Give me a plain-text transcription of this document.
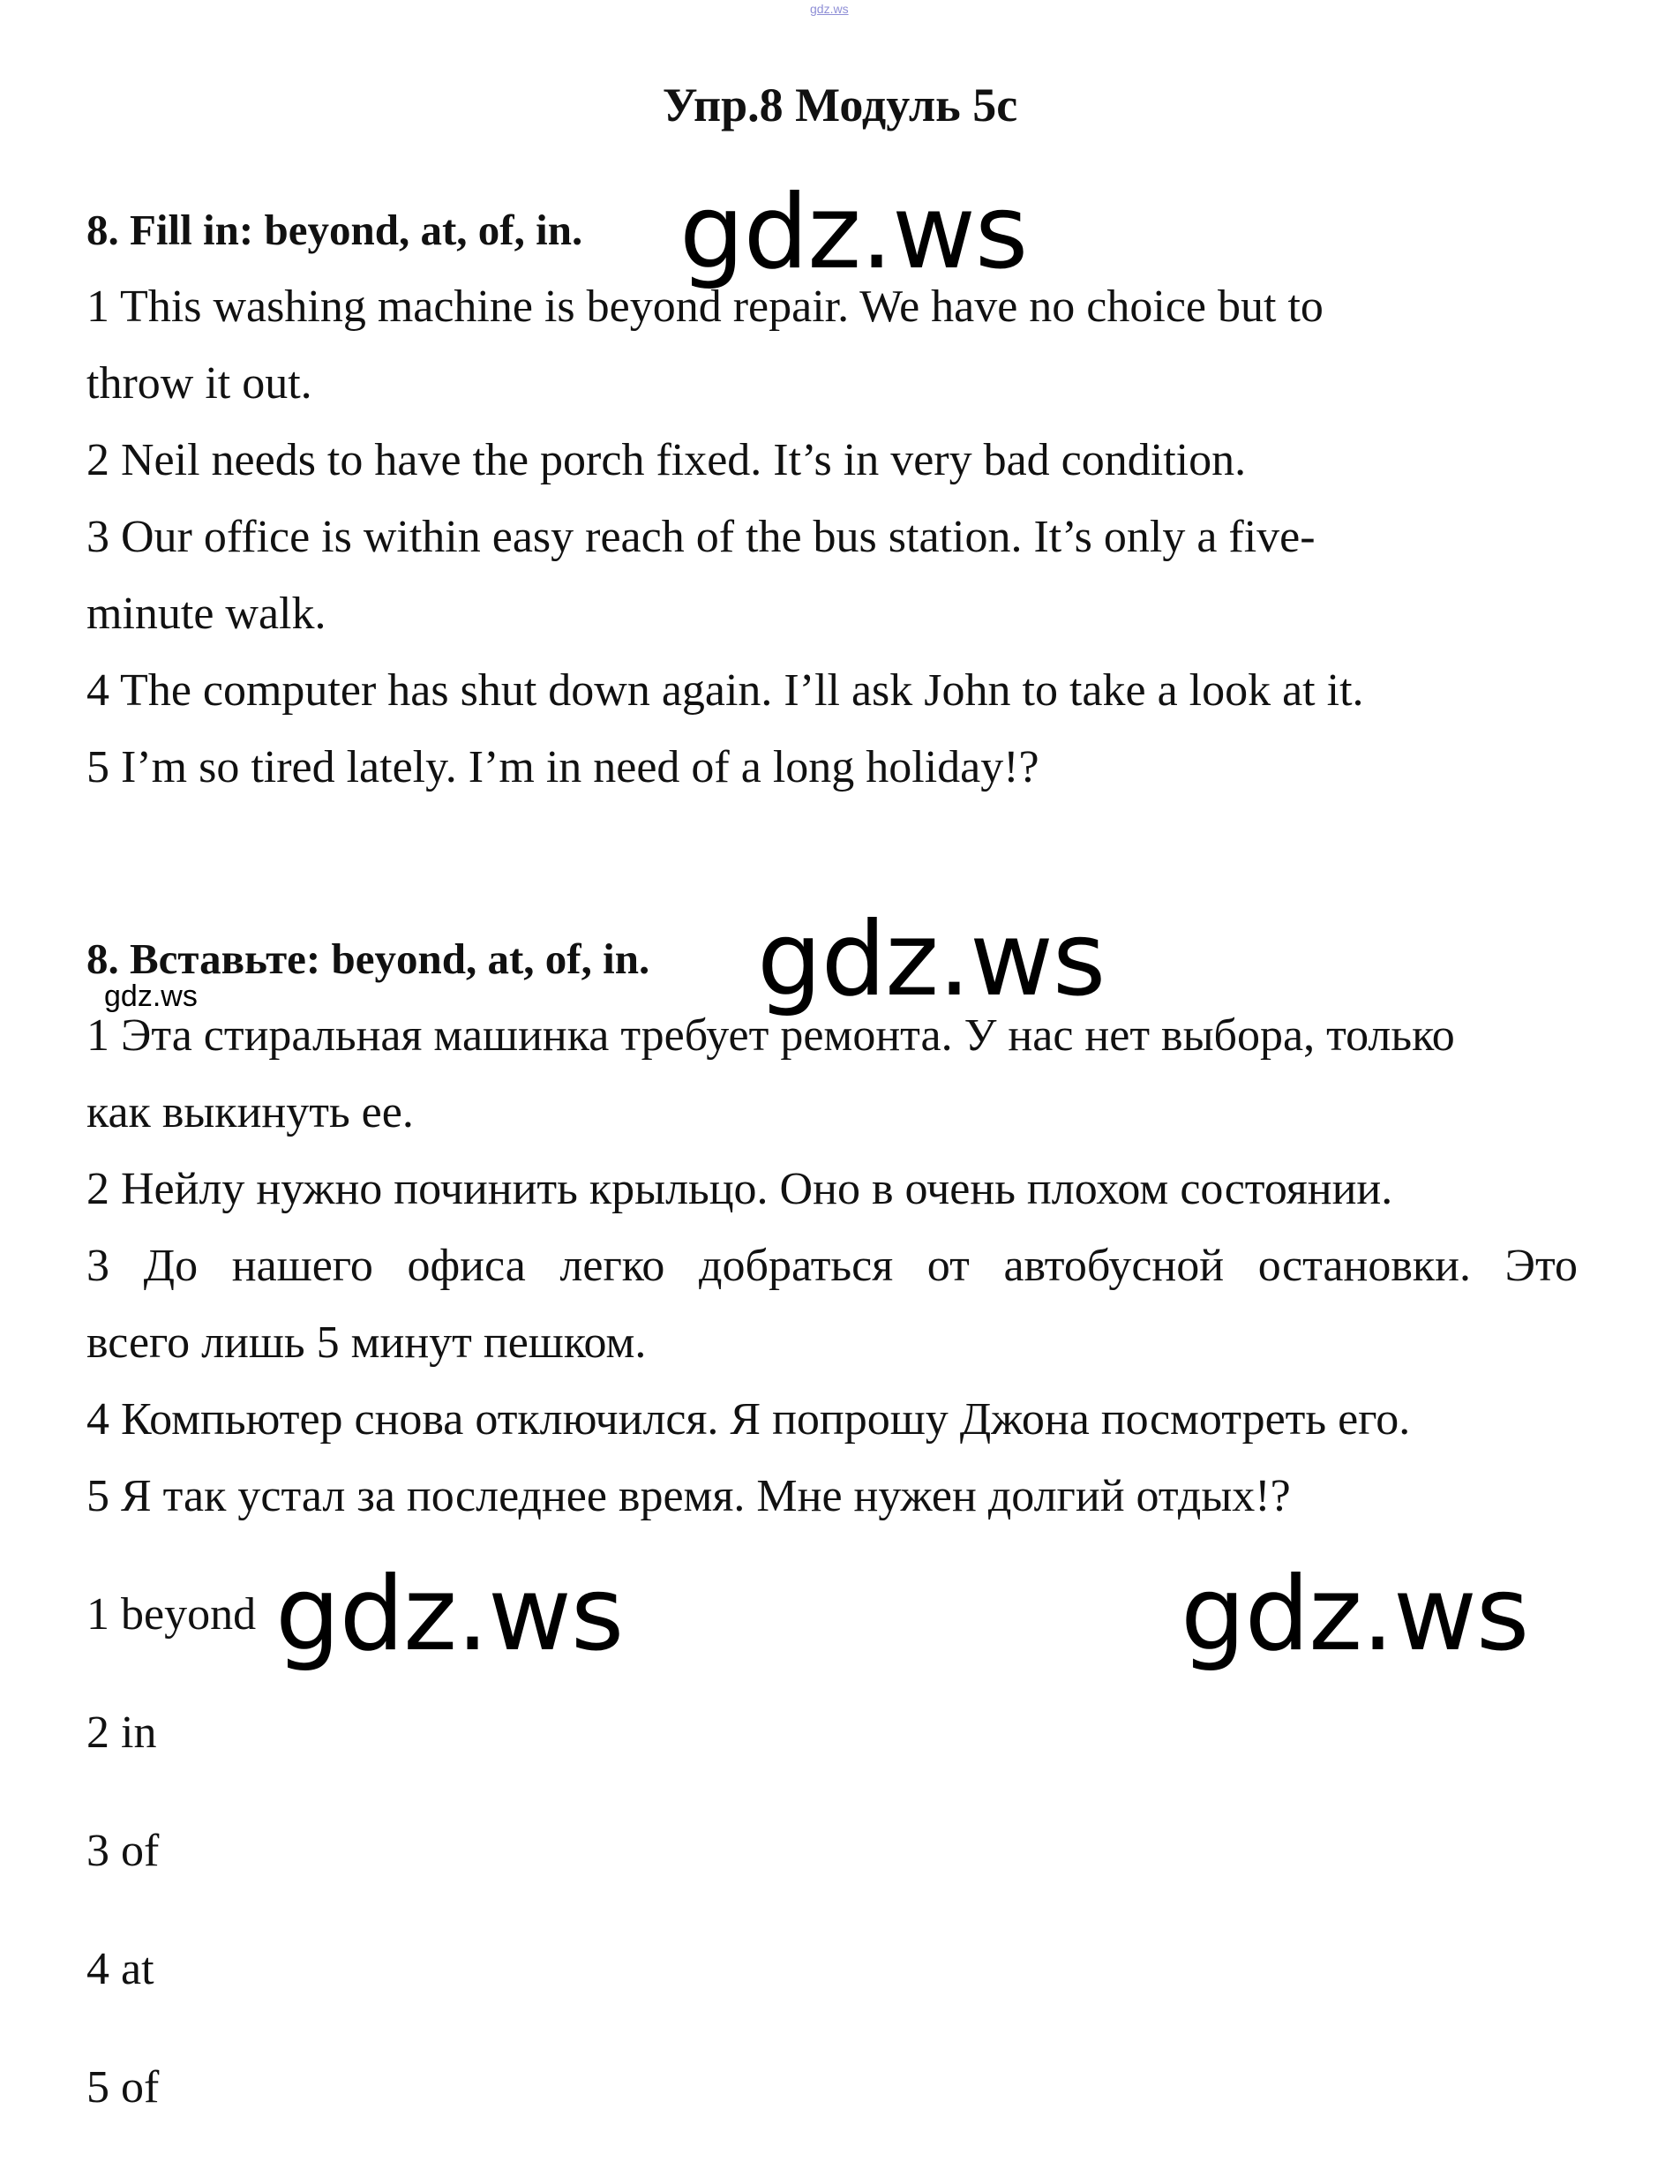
gdz.ws
Упр.8 Модуль 5с
8. Fill in: beyond, at, of, in. gdz.ws
1 This washing machine is beyond repair. We have no choice but to
throw it out.
2 Neil needs to have the porch fixed. It’s in very bad condition.
3 Our office is within easy reach of the bus station. It’s only a five-
minute walk.
4 The computer has shut down again. I’ll ask John to take a look at it.
5 I’m so tired lately. I’m in need of a long holiday!?
8. Вставьте: beyond, at, of, in. gdz.ws
gdz.ws
1 Эта стиральная машинка требует ремонта. У нас нет выбора, только
как выкинуть ее.
2 Нейлу нужно починить крыльцо. Оно в очень плохом состоянии.
3 До нашего офиса легко добраться от автобусной остановки. Это
всего лишь 5 минут пешком.
4 Компьютер снова отключился. Я попрошу Джона посмотреть его.
5 Я так устал за последнее время. Мне нужен долгий отдых!?
1 beyond gdz.ws	gdz.ws
2 in
3 of
4 at
5 of
